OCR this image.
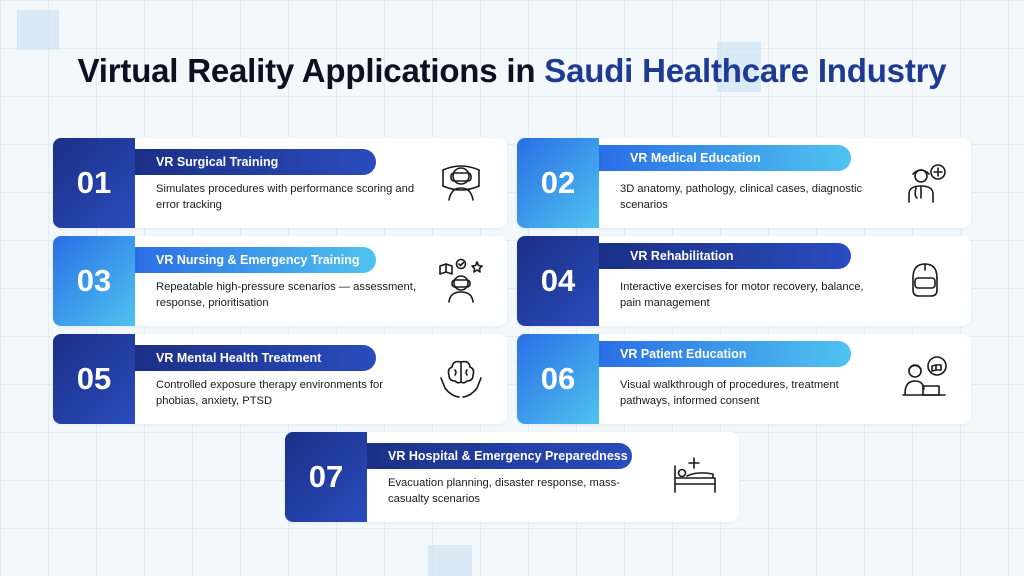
Virtual Reality Applications in Saudi Healthcare Industry
01
VR Surgical Training
Simulates procedures with performance scoring and error tracking
02
VR Medical Education
3D anatomy, pathology, clinical cases, diagnostic scenarios
03
VR Nursing & Emergency Training
Repeatable high-pressure scenarios — assessment, response, prioritisation
04
VR Rehabilitation
Interactive exercises for motor recovery, balance, pain management
05
VR Mental Health Treatment
Controlled exposure therapy environments for phobias, anxiety, PTSD
06
VR Patient Education
Visual walkthrough of procedures, treatment pathways, informed consent
07
VR Hospital & Emergency Preparedness
Evacuation planning, disaster response, mass-casualty scenarios
